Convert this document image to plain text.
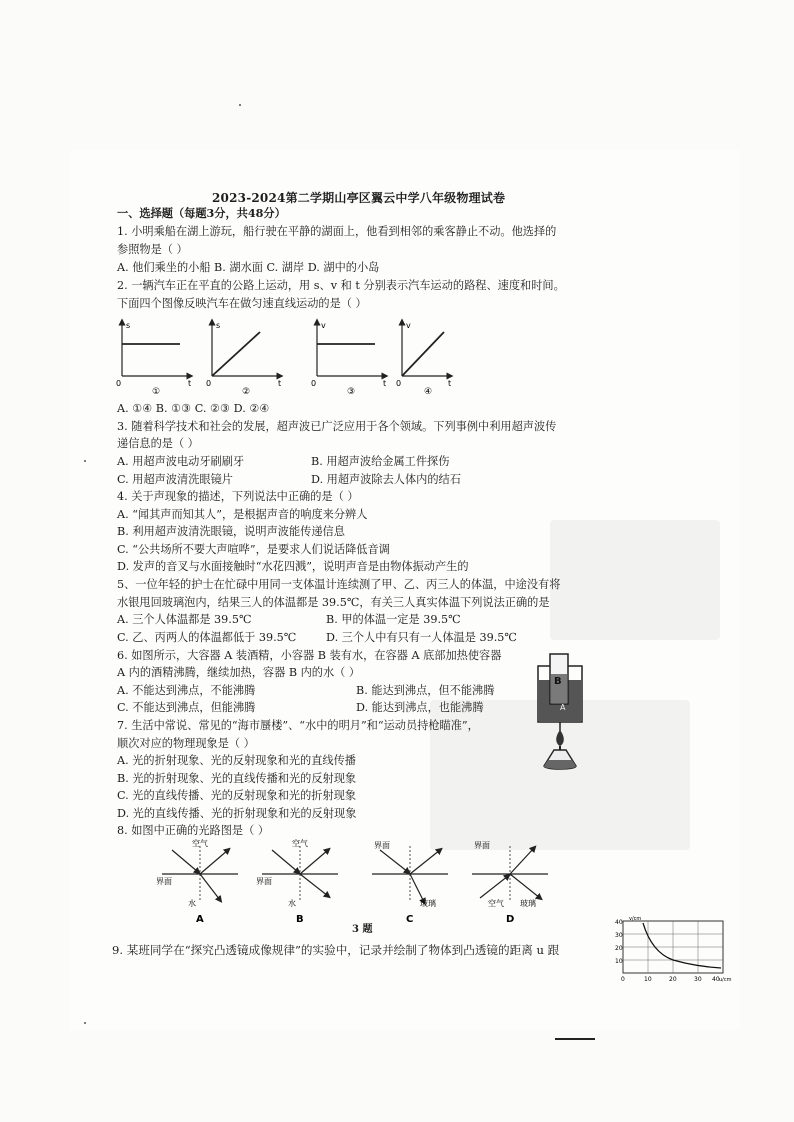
2023-2024第二学期山亭区翼云中学八年级物理试卷
一、选择题（每题3分，共48分）
1. 小明乘船在湖上游玩，船行驶在平静的湖面上，他看到相邻的乘客静止不动。他选择的
参照物是（ ）
A. 他们乘坐的小船 B. 湖水面 C. 湖岸 D. 湖中的小岛
2. 一辆汽车正在平直的公路上运动，用 s、v 和 t 分别表示汽车运动的路程、速度和时间。
下面四个图像反映汽车在做匀速直线运动的是（ ）
s
t
0
①
s
t
0
②
v
t
0
③
v
t
0
④
A. ①④ B. ①③ C. ②③ D. ②④
3. 随着科学技术和社会的发展，超声波已广泛应用于各个领域。下列事例中利用超声波传
递信息的是（ ）
A. 用超声波电动牙刷刷牙	B. 用超声波给金属工件探伤
C. 用超声波清洗眼镜片	D. 用超声波除去人体内的结石
4. 关于声现象的描述，下列说法中正确的是（ ）
A. “闻其声而知其人”，是根据声音的响度来分辨人
B. 利用超声波清洗眼镜，说明声波能传递信息
C. “公共场所不要大声喧哗”，是要求人们说话降低音调
D. 发声的音叉与水面接触时“水花四溅”，说明声音是由物体振动产生的
5、一位年轻的护士在忙碌中用同一支体温计连续测了甲、乙、丙三人的体温，中途没有将
水银甩回玻璃泡内，结果三人的体温都是 39.5℃，有关三人真实体温下列说法正确的是
A. 三个人体温都是 39.5℃	B. 甲的体温一定是 39.5℃
C. 乙、丙两人的体温都低于 39.5℃	D. 三个人中有只有一人体温是 39.5℃
6. 如图所示，大容器 A 装酒精，小容器 B 装有水，在容器 A 底部加热使容器
A 内的酒精沸腾，继续加热，容器 B 内的水（ ）
A. 不能达到沸点，不能沸腾	B. 能达到沸点，但不能沸腾
C. 不能达到沸点，但能沸腾	D. 能达到沸点，也能沸腾
B
A
7. 生活中常说、常见的“海市蜃楼”、“水中的明月”和“运动员持枪瞄准”，
顺次对应的物理现象是（ ）
A. 光的折射现象、光的反射现象和光的直线传播
B. 光的折射现象、光的直线传播和光的反射现象
C. 光的直线传播、光的反射现象和光的折射现象
D. 光的直线传播、光的折射现象和光的反射现象
8. 如图中正确的光路图是（ ）
空气
界面
水
A
空气
界面
水
B
界面
玻璃
C
界面
空气 玻璃
D
3 题
9. 某班同学在“探究凸透镜成像规律”的实验中，记录并绘制了物体到凸透镜的距离 u 跟
40
30
20
10
0	10	20	30 40
v/cm
u/cm
